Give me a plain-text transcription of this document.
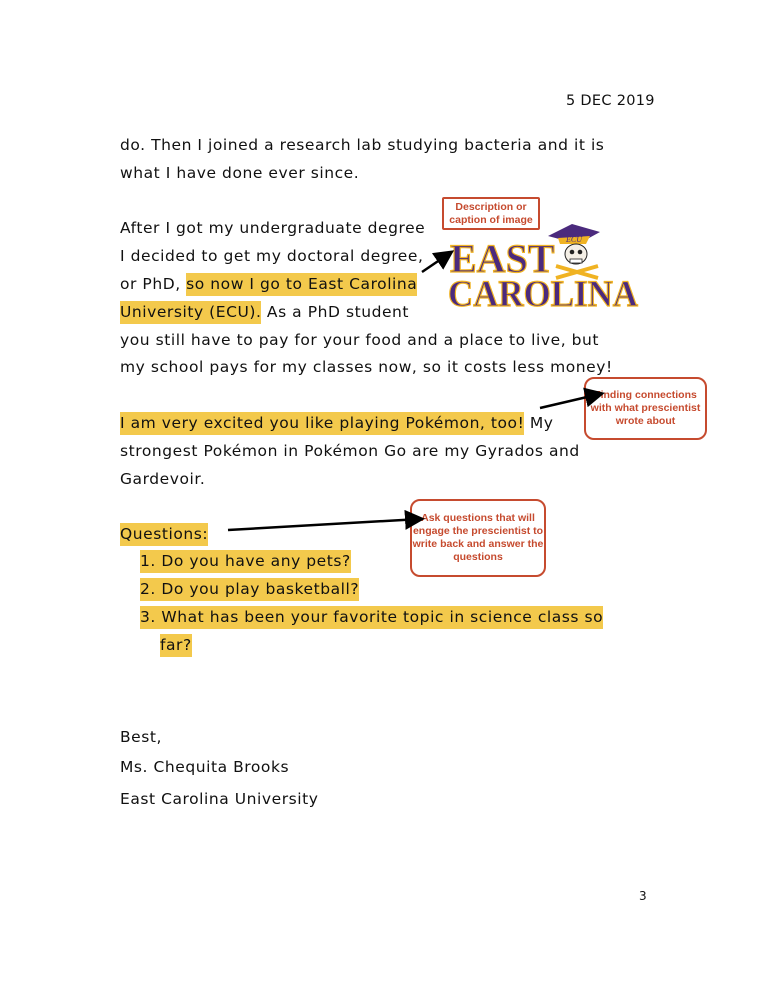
5 DEC 2019
do. Then I joined a research lab studying bacteria and it is
what I have done ever since.
After I got my undergraduate degree
I decided to get my doctoral degree,
or PhD, so now I go to East Carolina
University (ECU). As a PhD student
you still have to pay for your food and a place to live, but
my school pays for my classes now, so it costs less money!
I am very excited you like playing Pokémon, too! My
strongest Pokémon in Pokémon Go are my Gyrados and
Gardevoir.
Questions:
1. Do you have any pets?
2. Do you play basketball?
3. What has been your favorite topic in science class so
far?
Best,
Ms. Chequita Brooks
East Carolina University
ECU
EAST
CAROLINA
Description or caption of image
Finding connections with what prescientist wrote about
Ask questions that will engage the prescientist to write back and answer the questions
3
